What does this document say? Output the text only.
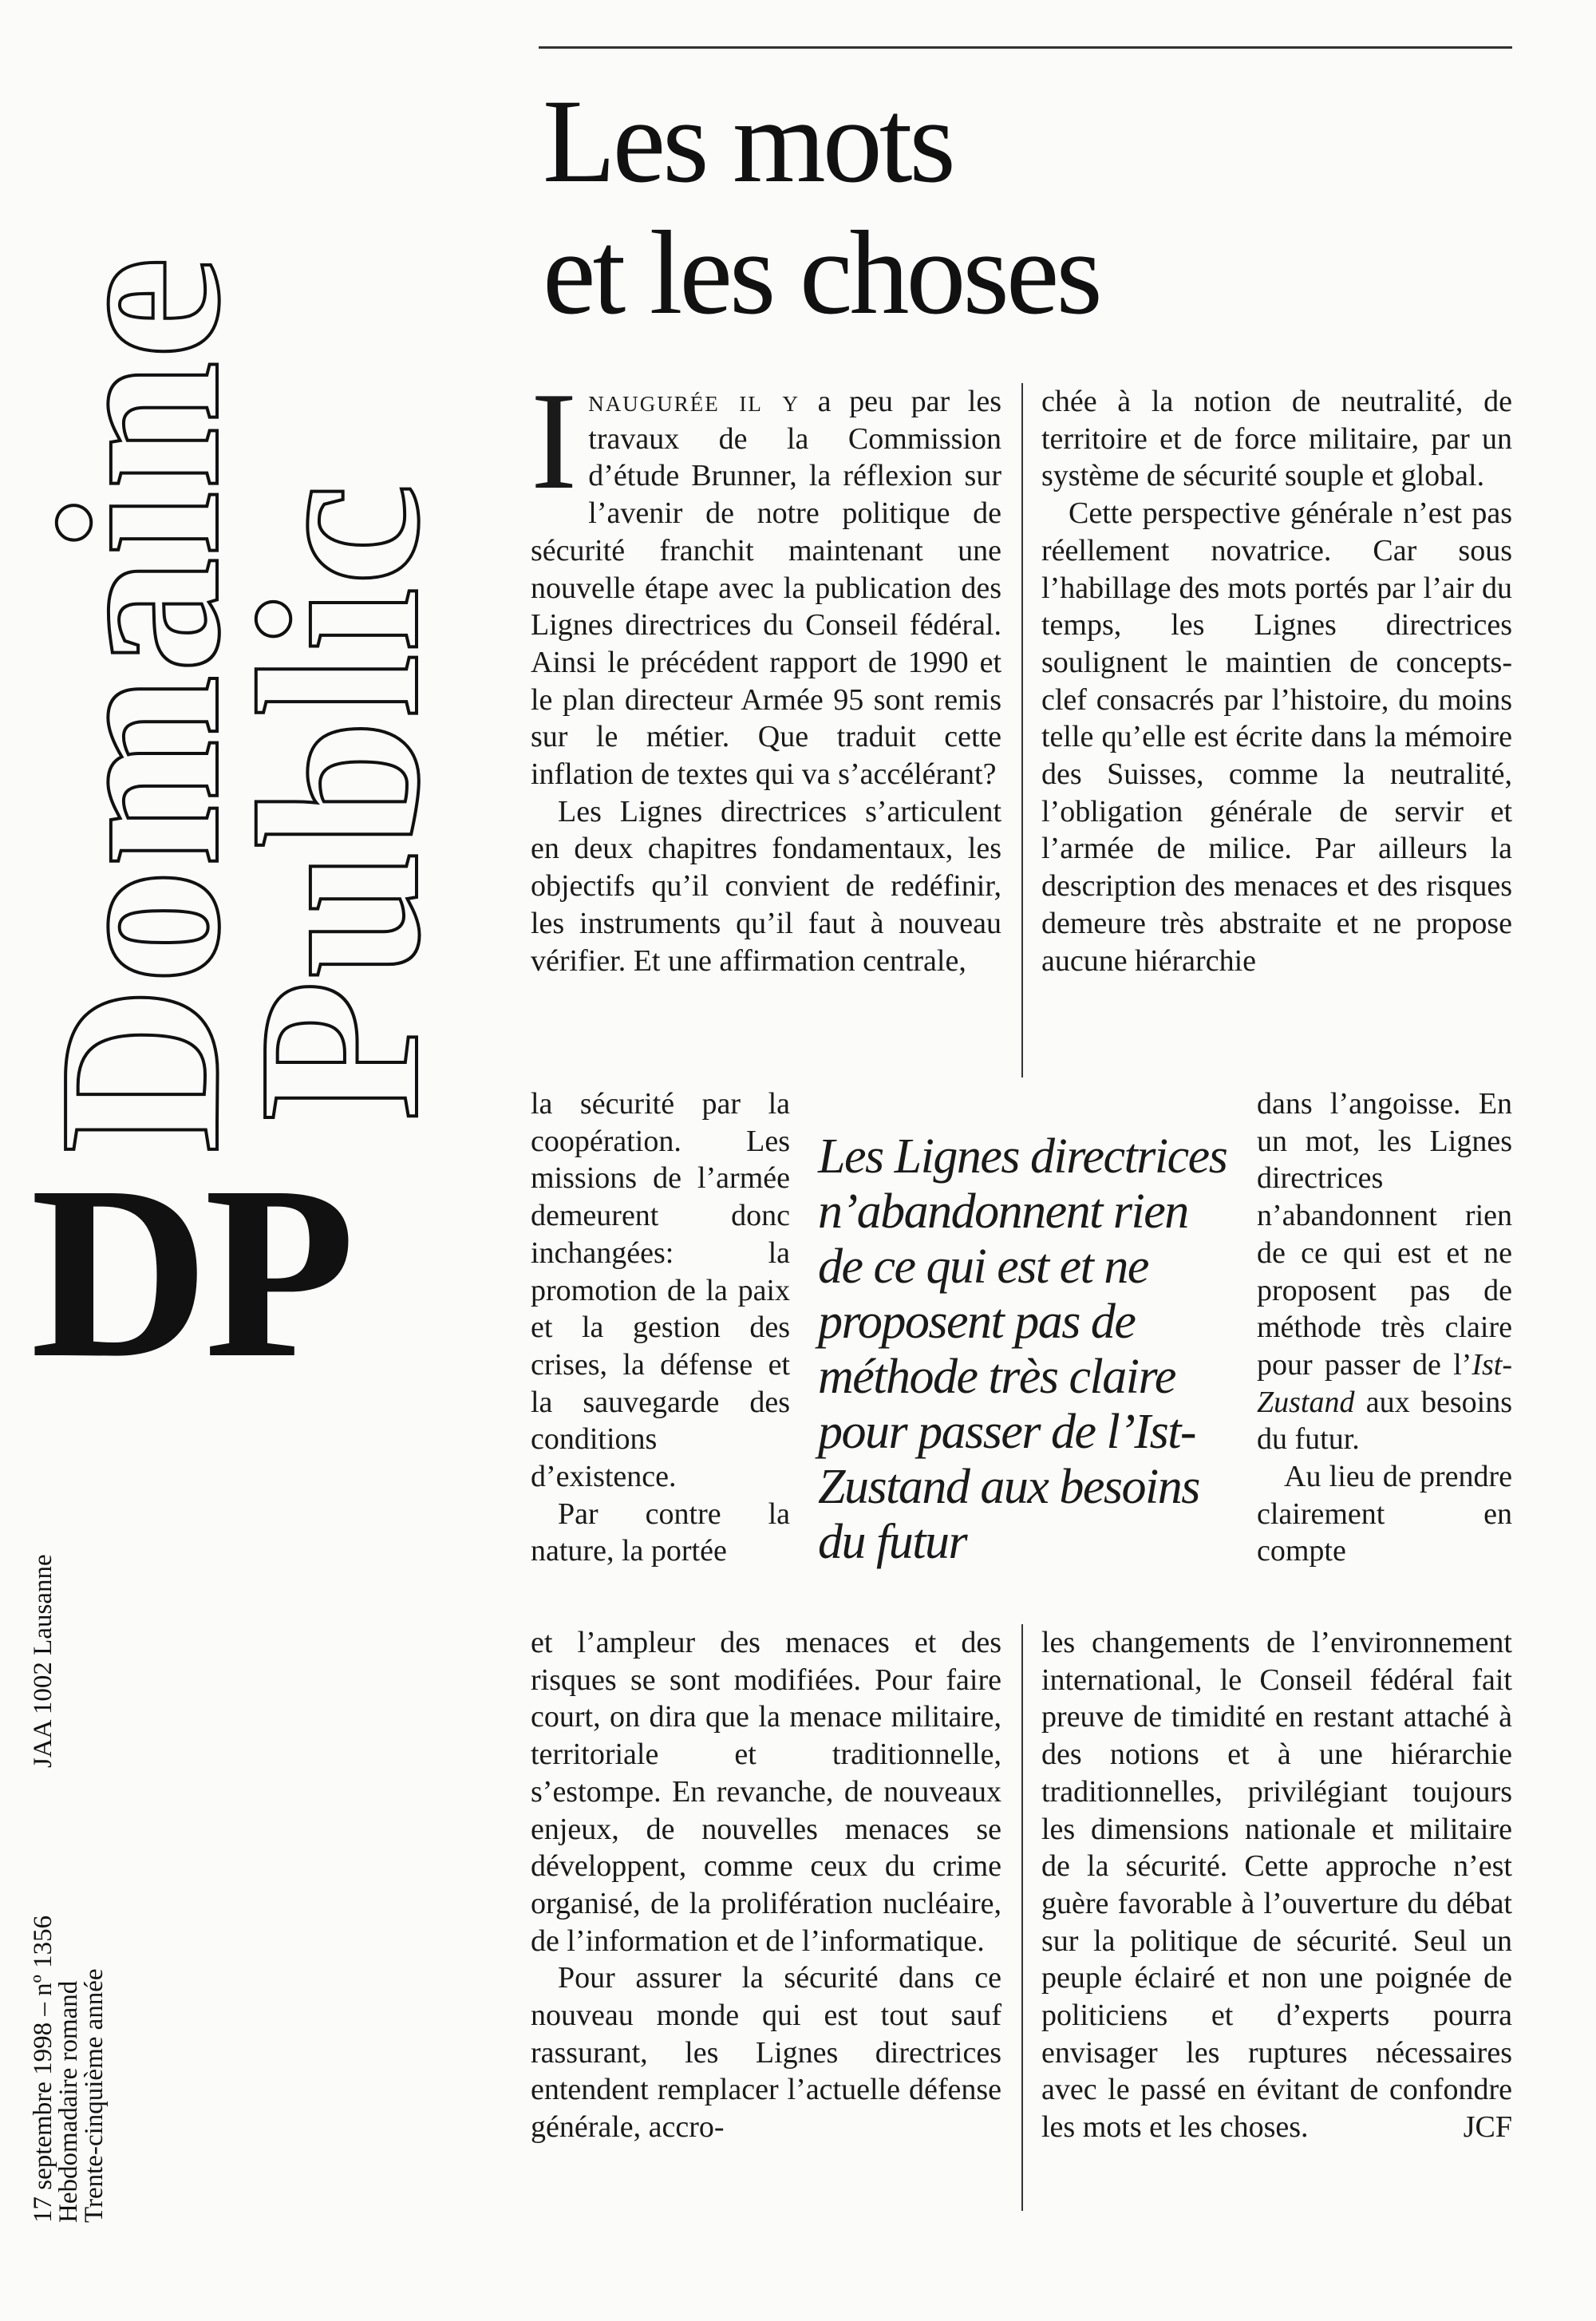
Domaine
Public
DP
17 septembre 1998 – nº 1356
Hebdomadaire romand
Trente-cinquième année
JAA 1002 Lausanne
Les mots
et les choses

Inaugurée il y a peu par les travaux de la Commission d’étude Brunner, la réflexion sur l’avenir de notre politique de sécurité franchit maintenant une nouvelle étape avec la publication des Lignes directrices du Conseil fédéral. Ainsi le précédent rapport de 1990 et le plan directeur Armée 95 sont remis sur le métier. Que traduit cette inflation de textes qui va s’accélérant?

Les Lignes directrices s’articulent en deux chapitres fondamentaux, les objectifs qu’il convient de redéfinir, les instruments qu’il faut à nouveau vérifier. Et une affirmation centrale,

la sécurité par la coopération. Les missions de l’armée demeurent donc inchangées: la promotion de la paix et la gestion des crises, la défense et la sauvegarde des conditions d’existence.

Par contre la nature, la portée

Les Lignes directrices n’abandonnent rien de ce qui est et ne proposent pas de méthode très claire pour passer de l’Ist-Zustand aux besoins du futur

et l’ampleur des menaces et des risques se sont modifiées. Pour faire court, on dira que la menace militaire, territoriale et traditionnelle, s’estompe. En revanche, de nouveaux enjeux, de nouvelles menaces se développent, comme ceux du crime organisé, de la prolifération nucléaire, de l’information et de l’informatique.

Pour assurer la sécurité dans ce nouveau monde qui est tout sauf rassurant, les Lignes directrices entendent remplacer l’actuelle défense générale, accro-

chée à la notion de neutralité, de territoire et de force militaire, par un système de sécurité souple et global.

Cette perspective générale n’est pas réellement novatrice. Car sous l’habillage des mots portés par l’air du temps, les Lignes directrices soulignent le maintien de concepts-clef consacrés par l’histoire, du moins telle qu’elle est écrite dans la mémoire des Suisses, comme la neutralité, l’obligation générale de servir et l’armée de milice. Par ailleurs la description des menaces et des risques demeure très abstraite et ne propose aucune hiérarchie

dans l’angoisse. En un mot, les Lignes directrices n’abandonnent rien de ce qui est et ne proposent pas de méthode très claire pour passer de l’Ist-Zustand aux besoins du futur.

Au lieu de prendre clairement en compte

les changements de l’environnement international, le Conseil fédéral fait preuve de timidité en restant attaché à des notions et à une hiérarchie traditionnelles, privilégiant toujours les dimensions nationale et militaire de la sécurité. Cette approche n’est guère favorable à l’ouverture du débat sur la politique de sécurité. Seul un peuple éclairé et non une poignée de politiciens et d’experts pourra envisager les ruptures nécessaires avec le passé en évitant de confondre les mots et les choses.	JCF
